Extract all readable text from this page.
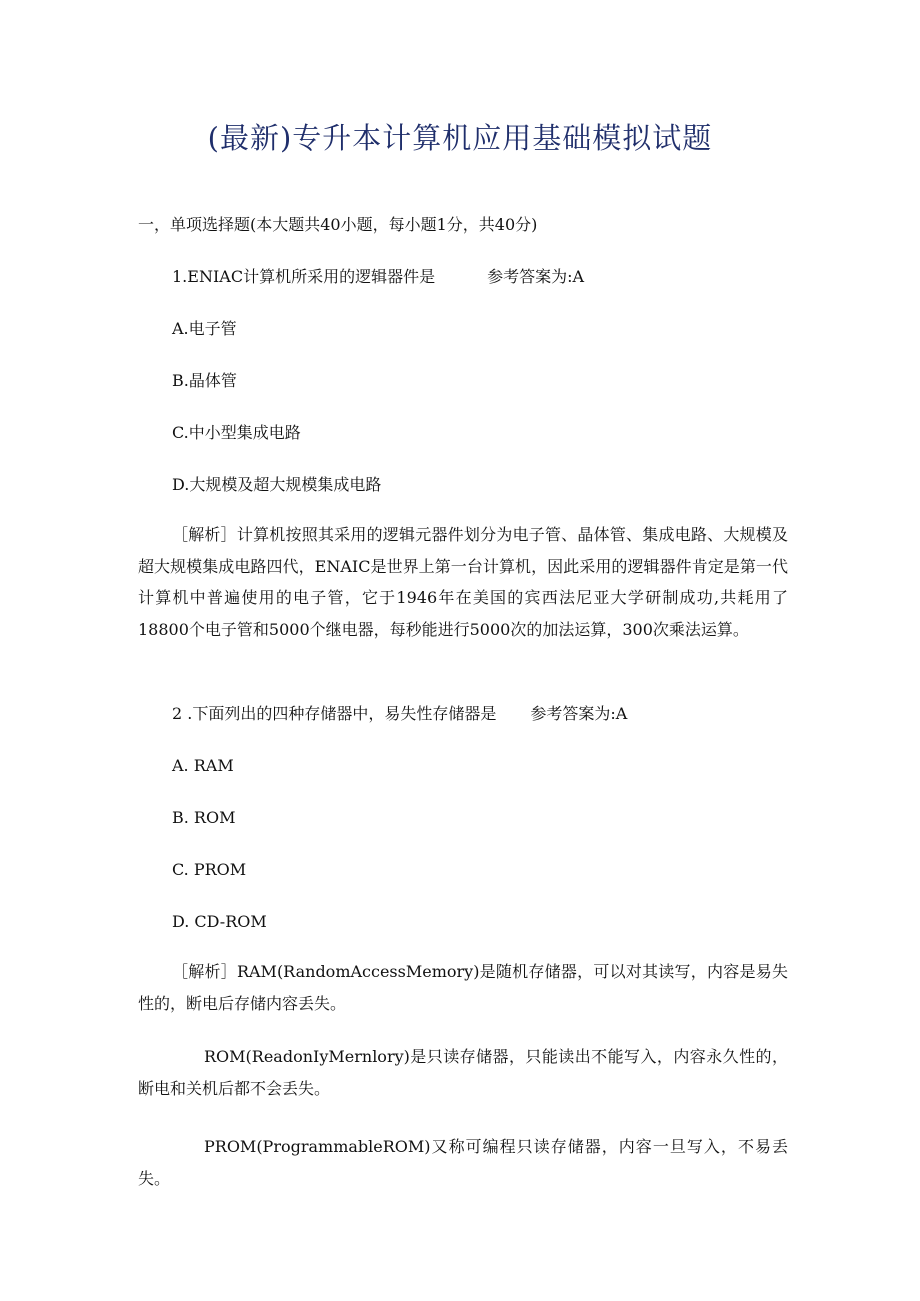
(最新)专升本计算机应用基础模拟试题
一，单项选择题(本大题共40小题，每小题1分，共40分)
1.ENIAC计算机所采用的逻辑器件是	参考答案为:A
A.电子管
B.晶体管
C.中小型集成电路
D.大规模及超大规模集成电路
［解析］计算机按照其采用的逻辑元器件划分为电子管、晶体管、集成电路、大规模及超大规模集成电路四代，ENAIC是世界上第一台计算机，因此采用的逻辑器件肯定是第一代计算机中普遍使用的电子管，它于1946年在美国的宾西法尼亚大学研制成功,共耗用了18800个电子管和5000个继电器，每秒能进行5000次的加法运算，300次乘法运算。
2 .下面列出的四种存储器中，易失性存储器是 参考答案为:A
A. RAM
B. ROM
C. PROM
D. CD-ROM
［解析］RAM(RandomAccessMemory)是随机存储器，可以对其读写，内容是易失性的，断电后存储内容丢失。
ROM(ReadonIyMernlory)是只读存储器，只能读出不能写入，内容永久性的，断电和关机后都不会丢失。
PROM(ProgrammableROM)又称可编程只读存储器，内容一旦写入，不易丢失。
